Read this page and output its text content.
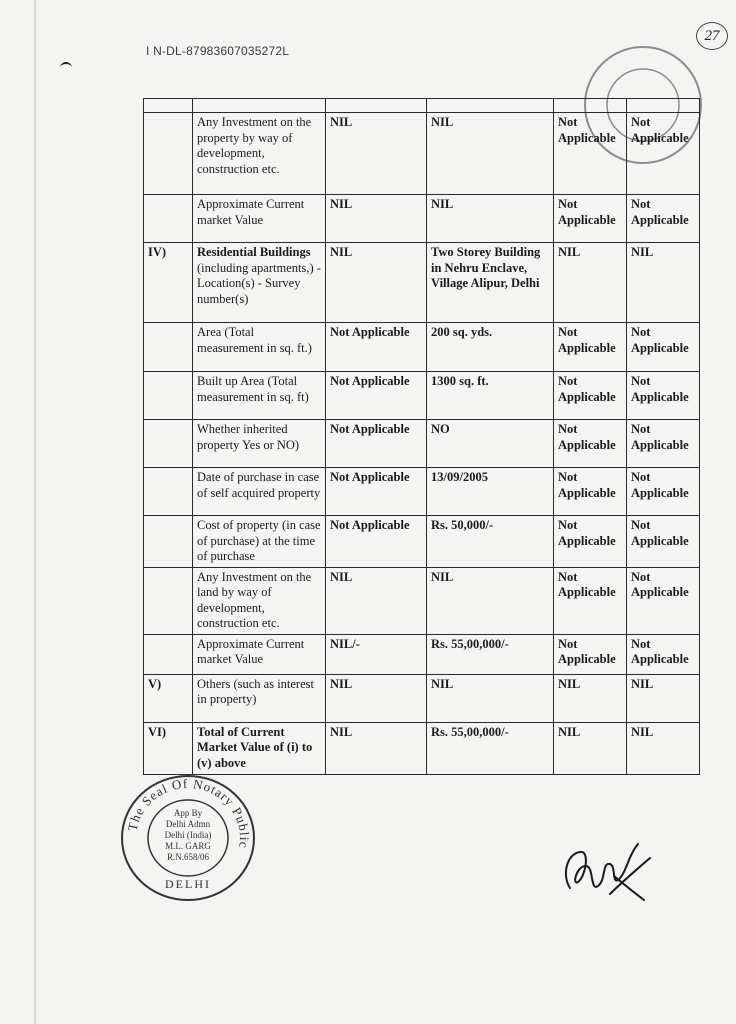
I N-DL-87983607035272L
27

	Any Investment on the property by way of development, construction etc.	NIL	NIL	Not Applicable	Not Applicable
	Approximate Current market Value	NIL	NIL	Not Applicable	Not Applicable
IV)	Residential Buildings (including apartments,) -Location(s) - Survey number(s)	NIL	Two Storey Building in Nehru Enclave, Village Alipur, Delhi	NIL	NIL
	Area (Total measurement in sq. ft.)	Not Applicable	200 sq. yds.	Not Applicable	Not Applicable
	Built up Area (Total measurement in sq. ft)	Not Applicable	1300 sq. ft.	Not Applicable	Not Applicable
	Whether inherited property Yes or NO)	Not Applicable	NO	Not Applicable	Not Applicable
	Date of purchase in case of self acquired property	Not Applicable	13/09/2005	Not Applicable	Not Applicable
	Cost of property (in case of purchase) at the time of purchase	Not Applicable	Rs. 50,000/-	Not Applicable	Not Applicable
	Any Investment on the land by way of development, construction etc.	NIL	NIL	Not Applicable	Not Applicable
	Approximate Current market Value	NIL/-	Rs. 55,00,000/-	Not Applicable	Not Applicable
V)	Others (such as interest in property)	NIL	NIL	NIL	NIL
VI)	Total of Current Market Value of (i) to (v) above	NIL	Rs. 55,00,000/-	NIL	NIL
The Seal Of Notary Public
App By
Delhi Admn
Delhi (India)
M.L. GARG
R.N.658/06
DELHI
